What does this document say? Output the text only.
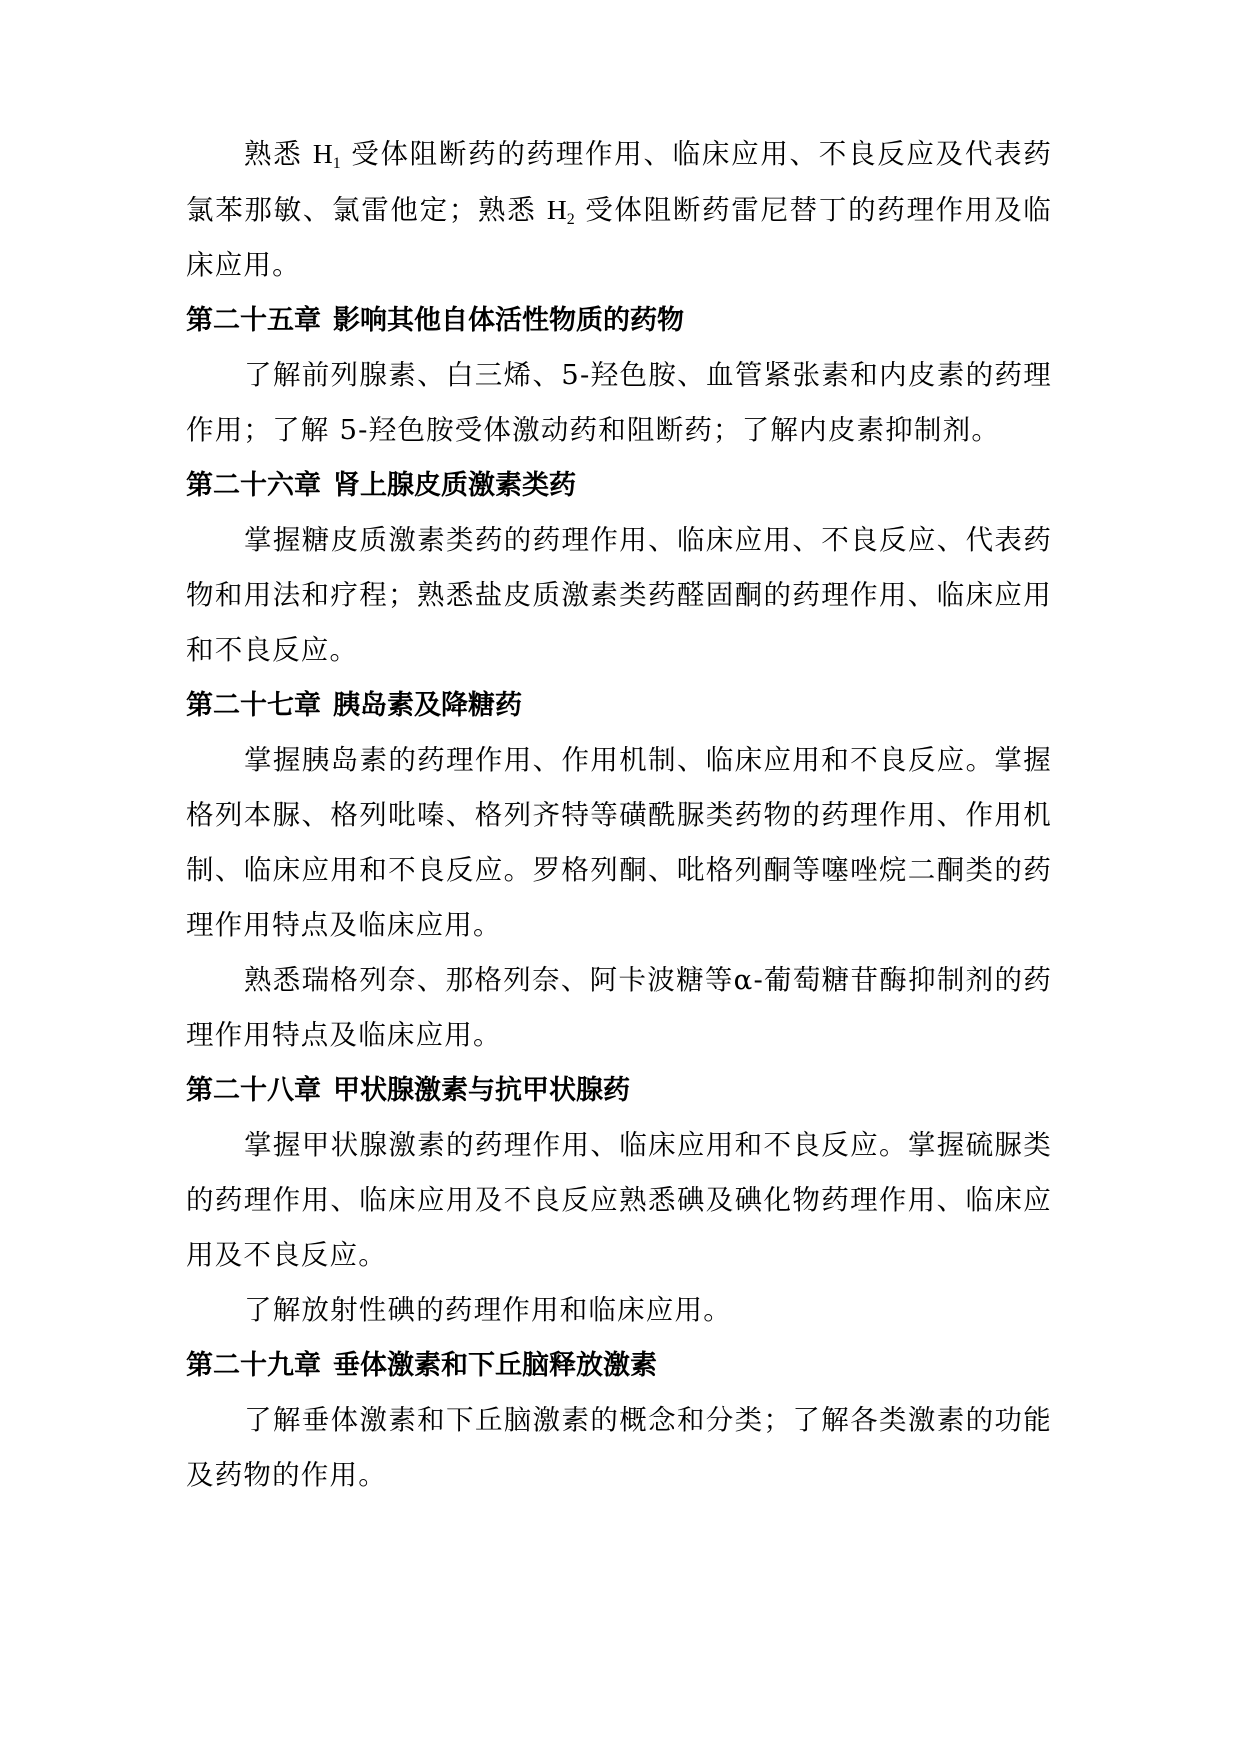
熟悉 $H_1$ 受体阻断药的药理作用、临床应用、不良反应及代表药氯苯那敏、氯雷他定；熟悉 $H_2$ 受体阻断药雷尼替丁的药理作用及临床应用。

第二十五章 影响其他自体活性物质的药物

了解前列腺素、白三烯、5-羟色胺、血管紧张素和内皮素的药理作用；了解 5-羟色胺受体激动药和阻断药；了解内皮素抑制剂。

第二十六章 肾上腺皮质激素类药

掌握糖皮质激素类药的药理作用、临床应用、不良反应、代表药物和用法和疗程；熟悉盐皮质激素类药醛固酮的药理作用、临床应用和不良反应。

第二十七章 胰岛素及降糖药

掌握胰岛素的药理作用、作用机制、临床应用和不良反应。掌握格列本脲、格列吡嗪、格列齐特等磺酰脲类药物的药理作用、作用机制、临床应用和不良反应。罗格列酮、吡格列酮等噻唑烷二酮类的药理作用特点及临床应用。

熟悉瑞格列奈、那格列奈、阿卡波糖等α-葡萄糖苷酶抑制剂的药理作用特点及临床应用。

第二十八章 甲状腺激素与抗甲状腺药

掌握甲状腺激素的药理作用、临床应用和不良反应。掌握硫脲类的药理作用、临床应用及不良反应熟悉碘及碘化物药理作用、临床应用及不良反应。

了解放射性碘的药理作用和临床应用。

第二十九章 垂体激素和下丘脑释放激素

了解垂体激素和下丘脑激素的概念和分类；了解各类激素的功能及药物的作用。
